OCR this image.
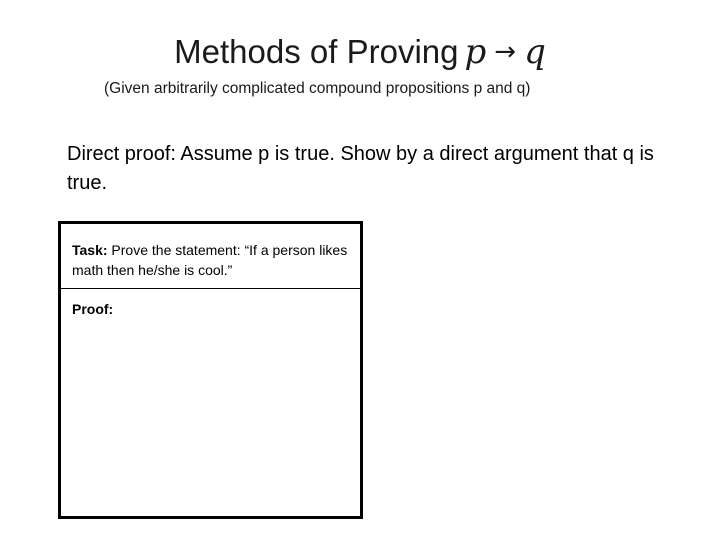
Methods of Proving p → q
(Given arbitrarily complicated compound propositions p and q)
Direct proof: Assume p is true. Show by a direct argument that q is true.
Task: Prove the statement: “If a person likes math then he/she is cool.”
Proof:
